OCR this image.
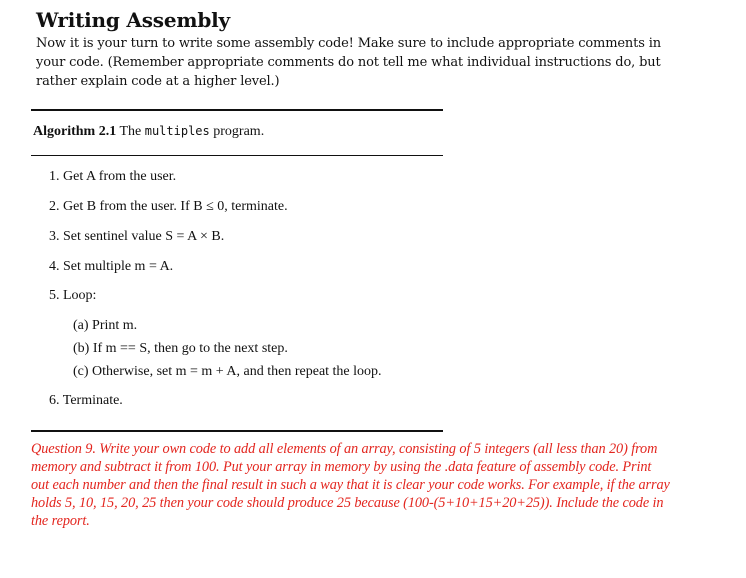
Writing Assembly

Now it is your turn to write some assembly code! Make sure to include appropriate comments in your code. (Remember appropriate comments do not tell me what individual instructions do, but rather explain code at a higher level.)

Algorithm 2.1 The multiples program.

1. Get A from the user.

2. Get B from the user. If B ≤ 0, terminate.

3. Set sentinel value S = A × B.

4. Set multiple m = A.

5. Loop:

(a) Print m.

(b) If m == S, then go to the next step.

(c) Otherwise, set m = m + A, and then repeat the loop.

6. Terminate.

Question 9. Write your own code to add all elements of an array, consisting of 5 integers (all less than 20) from memory and subtract it from 100. Put your array in memory by using the .data feature of assembly code. Print out each number and then the final result in such a way that it is clear your code works. For example, if the array holds 5, 10, 15, 20, 25 then your code should produce 25 because (100-(5+10+15+20+25)). Include the code in the report.
